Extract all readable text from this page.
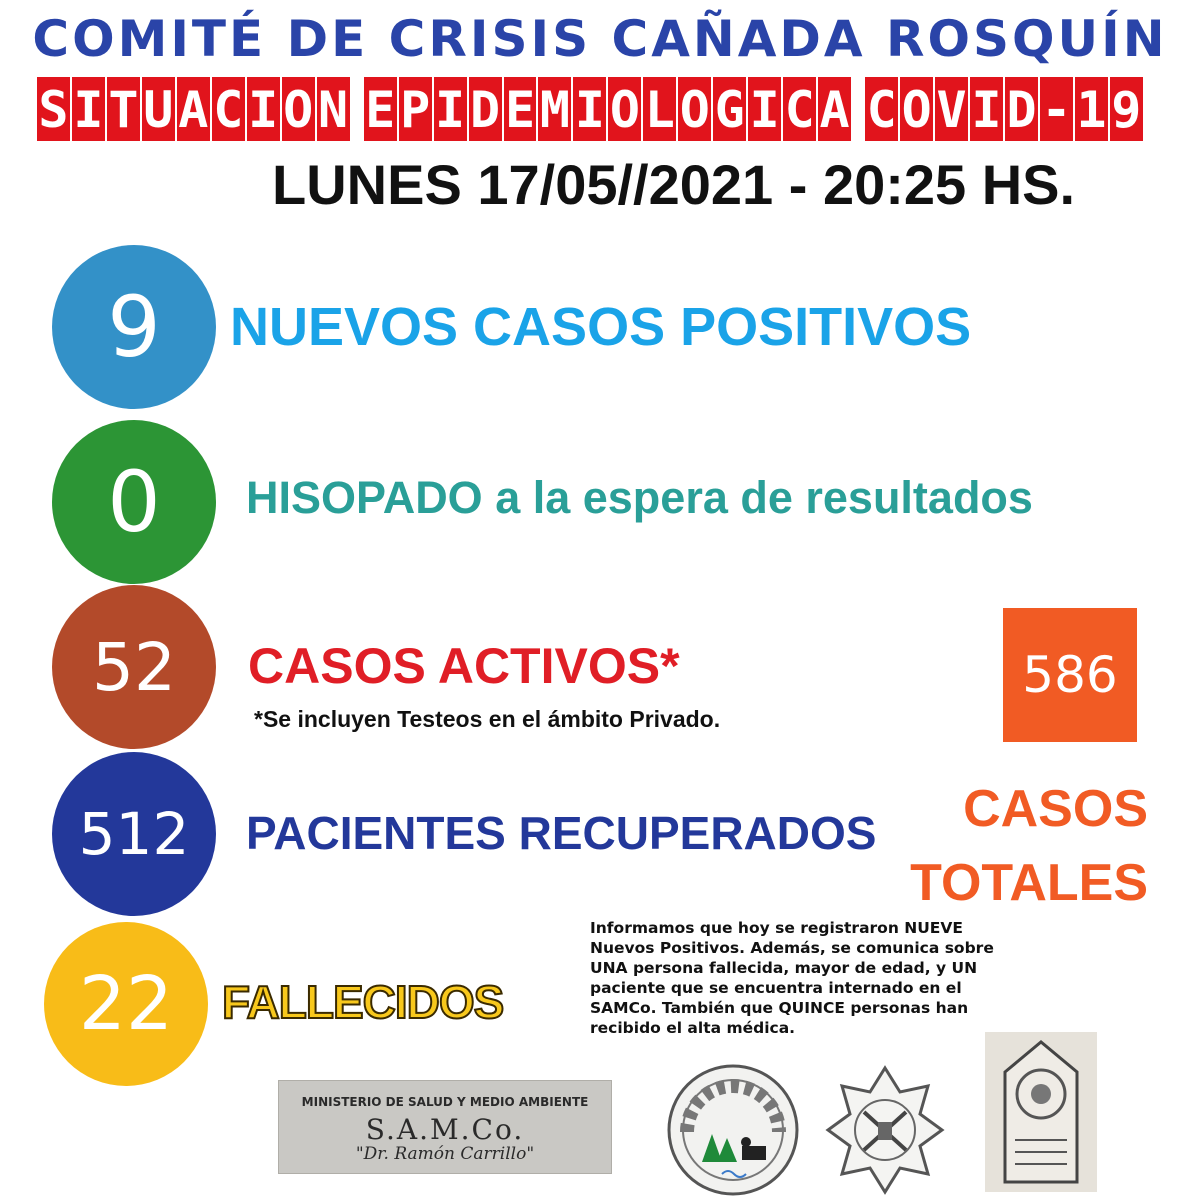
COMITÉ DE CRISIS CAÑADA ROSQUÍN
S I T U A C I O N E P I D E M I O L O G I C A C O V I D - 1 9
LUNES 17/05//2021 - 20:25 HS.
9	NUEVOS CASOS POSITIVOS
0	HISOPADO a la espera de resultados
52	CASOS ACTIVOS*
*Se incluyen Testeos en el ámbito Privado.
512	PACIENTES RECUPERADOS
22	FALLECIDOS
586
CASOS
TOTALES
Informamos que hoy se registraron NUEVE
Nuevos Positivos. Además, se comunica sobre
UNA persona fallecida, mayor de edad, y UN
paciente que se encuentra internado en el
SAMCo. También que QUINCE personas han
recibido el alta médica.
MINISTERIO DE SALUD Y MEDIO AMBIENTE
S.A.M.Co.
"Dr. Ramón Carrillo"
